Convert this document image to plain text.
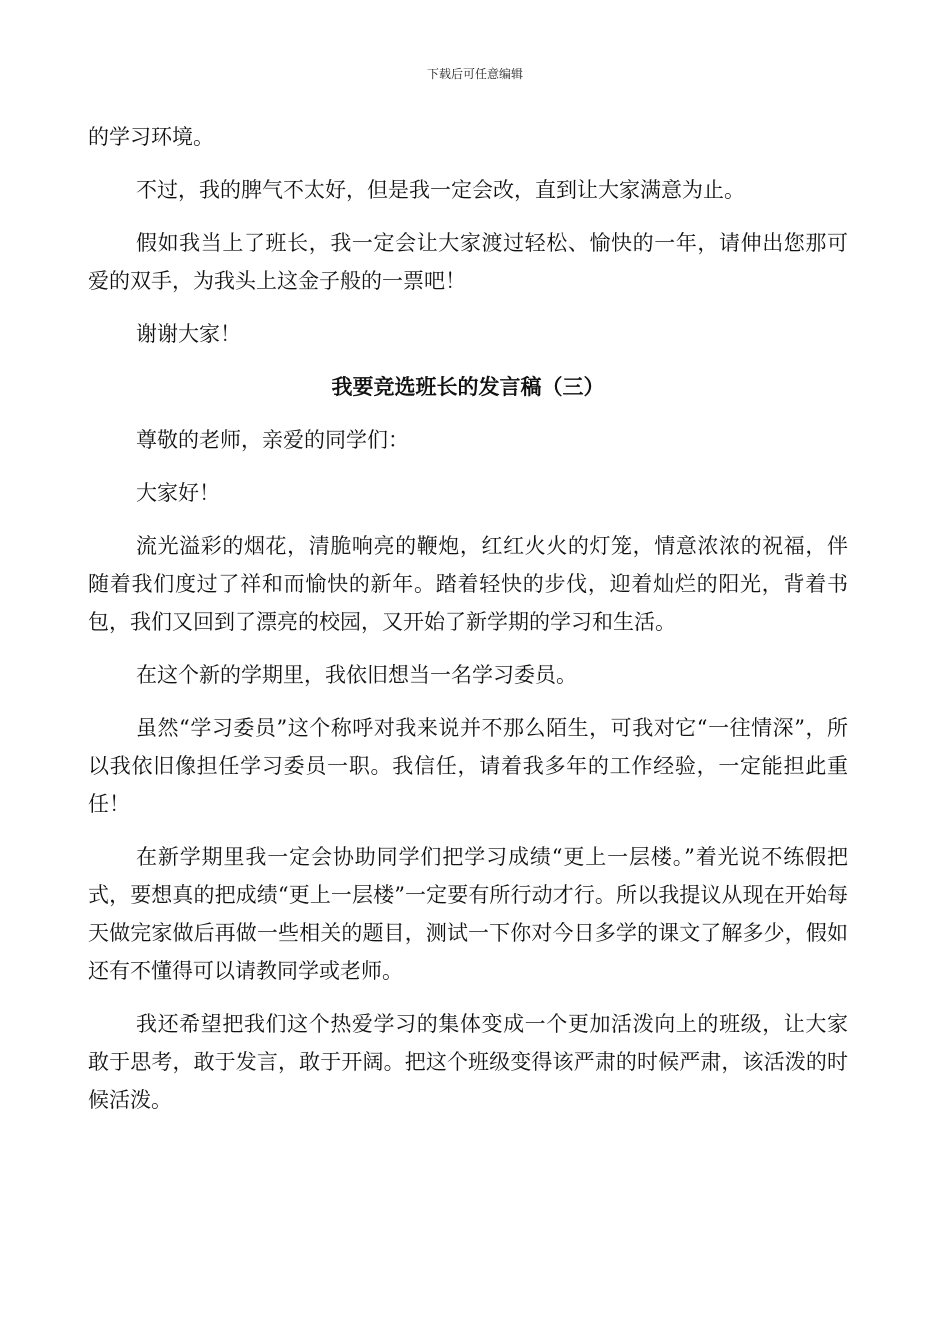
下载后可任意编辑

的学习环境。

不过，我的脾气不太好，但是我一定会改，直到让大家满意为止。

假如我当上了班长，我一定会让大家渡过轻松、愉快的一年，请伸出您那可爱的双手，为我头上这金子般的一票吧！

谢谢大家！

我要竞选班长的发言稿（三）

尊敬的老师，亲爱的同学们：

大家好！

流光溢彩的烟花，清脆响亮的鞭炮，红红火火的灯笼，情意浓浓的祝福，伴随着我们度过了祥和而愉快的新年。踏着轻快的步伐，迎着灿烂的阳光，背着书包，我们又回到了漂亮的校园，又开始了新学期的学习和生活。

在这个新的学期里，我依旧想当一名学习委员。

虽然“学习委员”这个称呼对我来说并不那么陌生，可我对它“一往情深”，所以我依旧像担任学习委员一职。我信任，请着我多年的工作经验，一定能担此重任！

在新学期里我一定会协助同学们把学习成绩“更上一层楼。”着光说不练假把式，要想真的把成绩“更上一层楼”一定要有所行动才行。所以我提议从现在开始每天做完家做后再做一些相关的题目，测试一下你对今日多学的课文了解多少，假如还有不懂得可以请教同学或老师。

我还希望把我们这个热爱学习的集体变成一个更加活泼向上的班级，让大家敢于思考，敢于发言，敢于开阔。把这个班级变得该严肃的时候严肃，该活泼的时候活泼。
